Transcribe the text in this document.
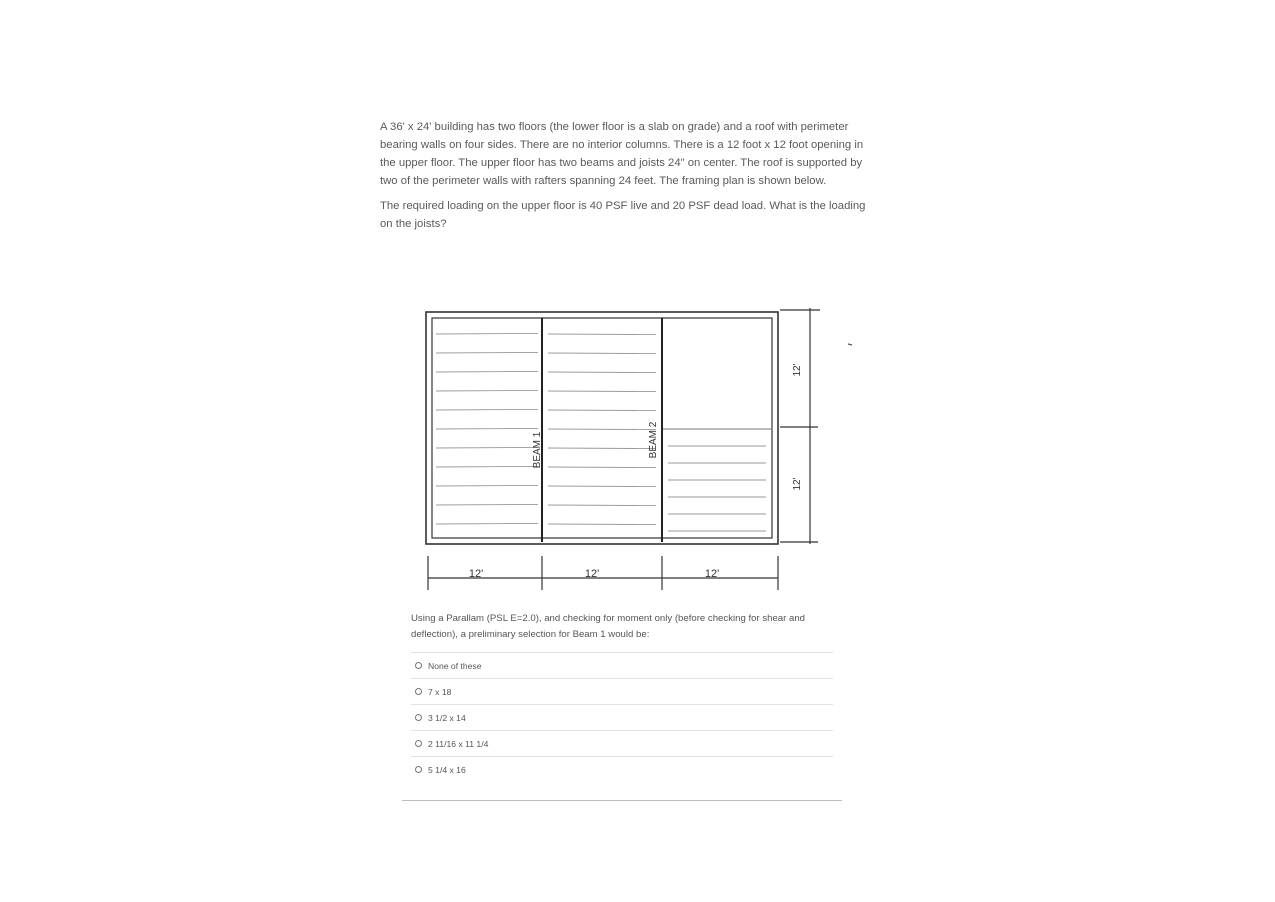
A 36' x 24' building has two floors (the lower floor is a slab on grade) and a roof with perimeter bearing walls on four sides. There are no interior columns. There is a 12 foot x 12 foot opening in the upper floor. The upper floor has two beams and joists 24" on center. The roof is supported by two of the perimeter walls with rafters spanning 24 feet. The framing plan is shown below.

The required loading on the upper floor is 40 PSF live and 20 PSF dead load. What is the loading on the joists?

BEAM 1	BEAM 2
12'	12'	12'
12'
12'

Using a Parallam (PSL E=2.0), and checking for moment only (before checking for shear and deflection), a preliminary selection for Beam 1 would be:

None of these
7 x 18
3 1/2 x 14
2 11/16 x 11 1/4
5 1/4 x 16
